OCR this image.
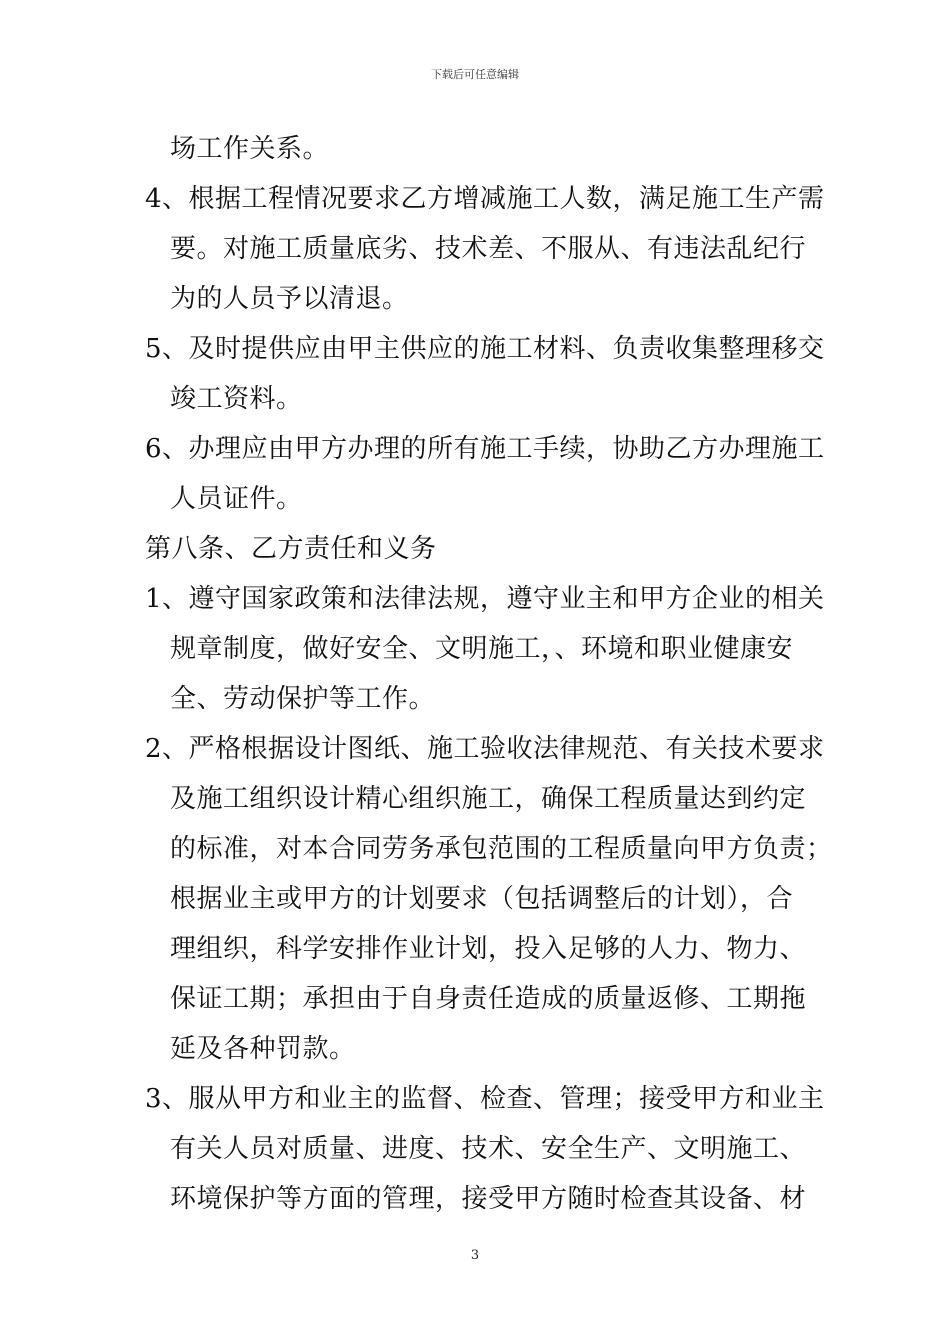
下载后可任意编辑
场工作关系。
4、根据工程情况要求乙方增减施工人数，满足施工生产需
要。对施工质量底劣、技术差、不服从、有违法乱纪行
为的人员予以清退。
5、及时提供应由甲主供应的施工材料、负责收集整理移交
竣工资料。
6、办理应由甲方办理的所有施工手续，协助乙方办理施工
人员证件。
第八条、乙方责任和义务
1、遵守国家政策和法律法规，遵守业主和甲方企业的相关
规章制度，做好安全、文明施工，、环境和职业健康安
全、劳动保护等工作。
2、严格根据设计图纸、施工验收法律规范、有关技术要求
及施工组织设计精心组织施工，确保工程质量达到约定
的标准，对本合同劳务承包范围的工程质量向甲方负责；
根据业主或甲方的计划要求（包括调整后的计划），合
理组织，科学安排作业计划，投入足够的人力、物力、
保证工期；承担由于自身责任造成的质量返修、工期拖
延及各种罚款。
3、服从甲方和业主的监督、检查、管理；接受甲方和业主
有关人员对质量、进度、技术、安全生产、文明施工、
环境保护等方面的管理，接受甲方随时检查其设备、材
3
